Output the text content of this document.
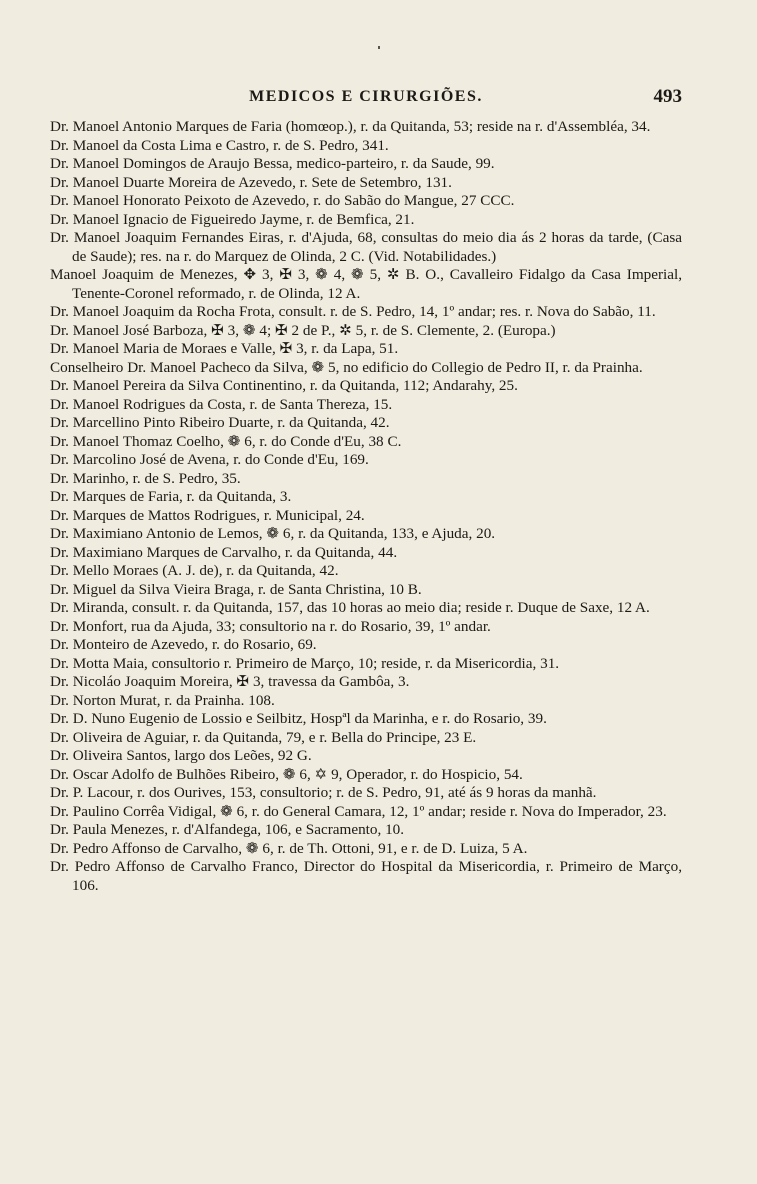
MEDICOS E CIRURGIÕES.	493

Dr. Manoel Antonio Marques de Faria (homœop.), r. da Quitanda, 53; reside na r. d'Assembléa, 34.

Dr. Manoel da Costa Lima e Castro, r. de S. Pedro, 341.

Dr. Manoel Domingos de Araujo Bessa, medico-parteiro, r. da Saude, 99.

Dr. Manoel Duarte Moreira de Azevedo, r. Sete de Setembro, 131.

Dr. Manoel Honorato Peixoto de Azevedo, r. do Sabão do Mangue, 27 CCC.

Dr. Manoel Ignacio de Figueiredo Jayme, r. de Bemfica, 21.

Dr. Manoel Joaquim Fernandes Eiras, r. d'Ajuda, 68, consultas do meio dia ás 2 horas da tarde, (Casa de Saude); res. na r. do Marquez de Olinda, 2 C. (Vid. Notabilidades.)

Manoel Joaquim de Menezes, ✥ 3, ✠ 3, ❁ 4, ❁ 5, ✲ B. O., Cavalleiro Fidalgo da Casa Imperial, Tenente-Coronel reformado, r. de Olinda, 12 A.

Dr. Manoel Joaquim da Rocha Frota, consult. r. de S. Pedro, 14, 1º andar; res. r. Nova do Sabão, 11.

Dr. Manoel José Barboza, ✠ 3, ❁ 4; ✠ 2 de P., ✲ 5, r. de S. Clemente, 2. (Europa.)

Dr. Manoel Maria de Moraes e Valle, ✠ 3, r. da Lapa, 51.

Conselheiro Dr. Manoel Pacheco da Silva, ❁ 5, no edificio do Collegio de Pedro II, r. da Prainha.

Dr. Manoel Pereira da Silva Continentino, r. da Quitanda, 112; Andarahy, 25.

Dr. Manoel Rodrigues da Costa, r. de Santa Thereza, 15.

Dr. Marcellino Pinto Ribeiro Duarte, r. da Quitanda, 42.

Dr. Manoel Thomaz Coelho, ❁ 6, r. do Conde d'Eu, 38 C.

Dr. Marcolino José de Avena, r. do Conde d'Eu, 169.

Dr. Marinho, r. de S. Pedro, 35.

Dr. Marques de Faria, r. da Quitanda, 3.

Dr. Marques de Mattos Rodrigues, r. Municipal, 24.

Dr. Maximiano Antonio de Lemos, ❁ 6, r. da Quitanda, 133, e Ajuda, 20.

Dr. Maximiano Marques de Carvalho, r. da Quitanda, 44.

Dr. Mello Moraes (A. J. de), r. da Quitanda, 42.

Dr. Miguel da Silva Vieira Braga, r. de Santa Christina, 10 B.

Dr. Miranda, consult. r. da Quitanda, 157, das 10 horas ao meio dia; reside r. Duque de Saxe, 12 A.

Dr. Monfort, rua da Ajuda, 33; consultorio na r. do Rosario, 39, 1º andar.

Dr. Monteiro de Azevedo, r. do Rosario, 69.

Dr. Motta Maia, consultorio r. Primeiro de Março, 10; reside, r. da Misericordia, 31.

Dr. Nicoláo Joaquim Moreira, ✠ 3, travessa da Gambôa, 3.

Dr. Norton Murat, r. da Prainha. 108.

Dr. D. Nuno Eugenio de Lossio e Seilbitz, Hospªl da Marinha, e r. do Rosario, 39.

Dr. Oliveira de Aguiar, r. da Quitanda, 79, e r. Bella do Principe, 23 E.

Dr. Oliveira Santos, largo dos Leões, 92 G.

Dr. Oscar Adolfo de Bulhões Ribeiro, ❁ 6, ✡ 9, Operador, r. do Hospicio, 54.

Dr. P. Lacour, r. dos Ourives, 153, consultorio; r. de S. Pedro, 91, até ás 9 horas da manhã.

Dr. Paulino Corrêa Vidigal, ❁ 6, r. do General Camara, 12, 1º andar; reside r. Nova do Imperador, 23.

Dr. Paula Menezes, r. d'Alfandega, 106, e Sacramento, 10.

Dr. Pedro Affonso de Carvalho, ❁ 6, r. de Th. Ottoni, 91, e r. de D. Luiza, 5 A.

Dr. Pedro Affonso de Carvalho Franco, Director do Hospital da Misericordia, r. Primeiro de Março, 106.
